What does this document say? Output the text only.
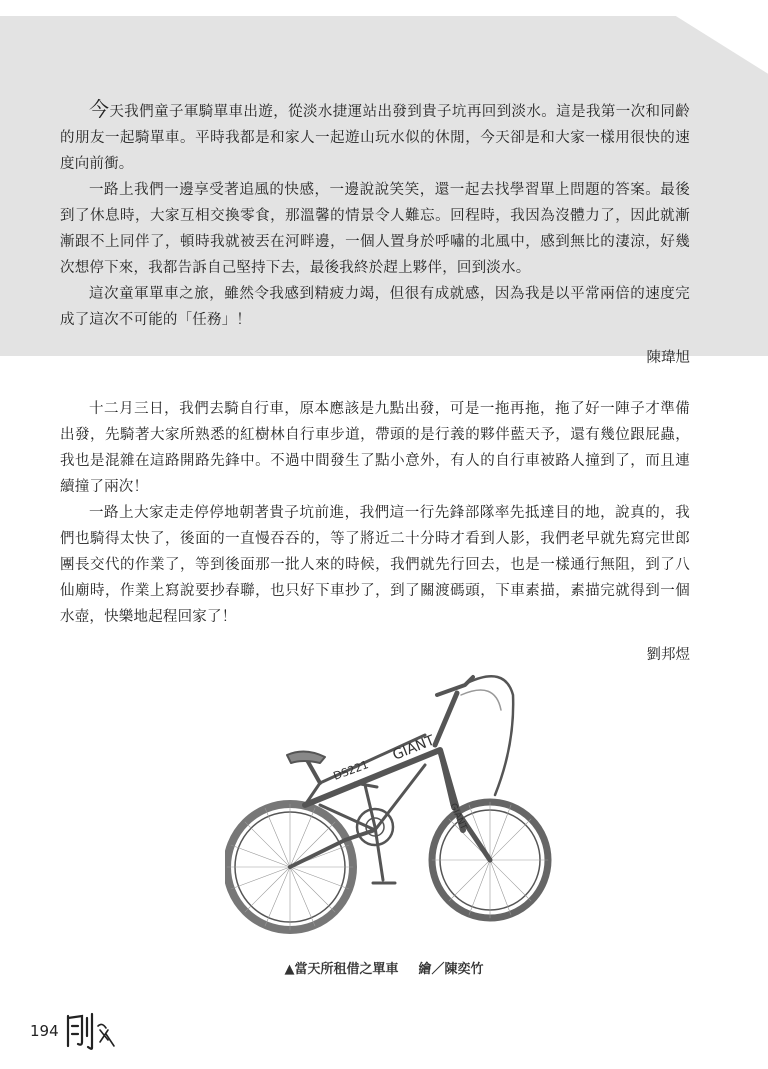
今天我們童子軍騎單車出遊，從淡水捷運站出發到貴子坑再回到淡水。這是我第一次和同齡的朋友一起騎單車。平時我都是和家人一起遊山玩水似的休閒，今天卻是和大家一樣用很快的速度向前衝。

一路上我們一邊享受著追風的快感，一邊說說笑笑，還一起去找學習單上問題的答案。最後到了休息時，大家互相交換零食，那溫馨的情景令人難忘。回程時，我因為沒體力了，因此就漸漸跟不上同伴了，頓時我就被丟在河畔邊，一個人置身於呼嘯的北風中，感到無比的淒涼，好幾次想停下來，我都告訴自己堅持下去，最後我終於趕上夥伴，回到淡水。

這次童軍單車之旅，雖然令我感到精疲力竭，但很有成就感，因為我是以平常兩倍的速度完成了這次不可能的「任務」！

陳瑋旭

十二月三日，我們去騎自行車，原本應該是九點出發，可是一拖再拖，拖了好一陣子才準備出發，先騎著大家所熟悉的紅樹林自行車步道，帶頭的是行義的夥伴藍天予，還有幾位跟屁蟲，我也是混雜在這路開路先鋒中。不過中間發生了點小意外，有人的自行車被路人撞到了，而且連續撞了兩次！

一路上大家走走停停地朝著貴子坑前進，我們這一行先鋒部隊率先抵達目的地，說真的，我們也騎得太快了，後面的一直慢吞吞的，等了將近二十分時才看到人影，我們老早就先寫完世郎團長交代的作業了，等到後面那一批人來的時候，我們就先行回去，也是一樣通行無阻，到了八仙廟時，作業上寫說要抄春聯，也只好下車抄了，到了關渡碼頭，下車素描，素描完就得到一個水壺，快樂地起程回家了！

劉邦煜
GIANT
DS221
GIANT
▲當天所租借之單車 繪／陳奕竹
194
